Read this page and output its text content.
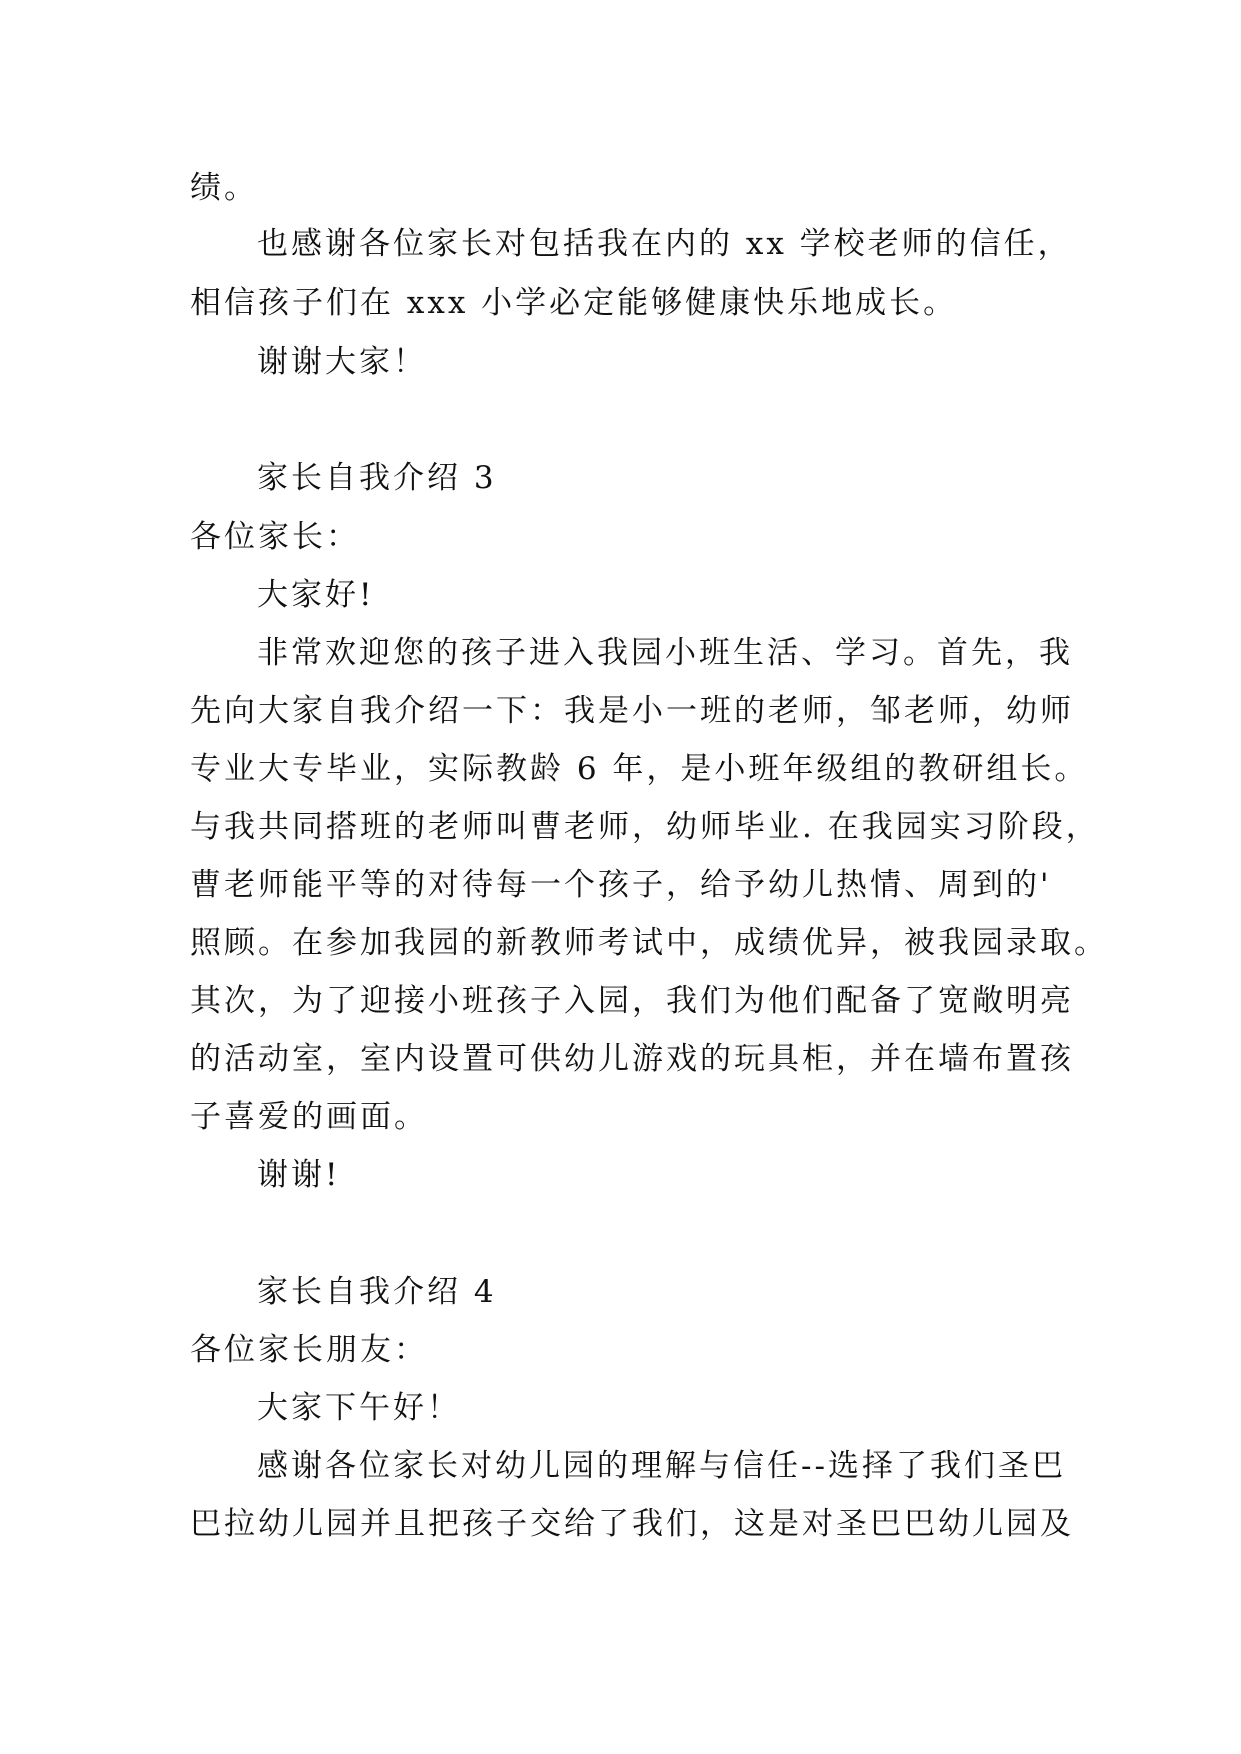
绩。
也感谢各位家长对包括我在内的 xx 学校老师的信任，
相信孩子们在 xxx 小学必定能够健康快乐地成长。
谢谢大家！
家长自我介绍 3
各位家长：
大家好!
非常欢迎您的孩子进入我园小班生活、学习。首先，我
先向大家自我介绍一下：我是小一班的老师，邹老师，幼师
专业大专毕业，实际教龄 6 年，是小班年级组的教研组长。
与我共同搭班的老师叫曹老师，幼师毕业. 在我园实习阶段，
曹老师能平等的对待每一个孩子，给予幼儿热情、周到的'
照顾。在参加我园的新教师考试中，成绩优异，被我园录取。
其次，为了迎接小班孩子入园，我们为他们配备了宽敞明亮
的活动室，室内设置可供幼儿游戏的玩具柜，并在墙布置孩
子喜爱的画面。
谢谢!
家长自我介绍 4
各位家长朋友：
大家下午好！
感谢各位家长对幼儿园的理解与信任--选择了我们圣巴
巴拉幼儿园并且把孩子交给了我们，这是对圣巴巴幼儿园及
